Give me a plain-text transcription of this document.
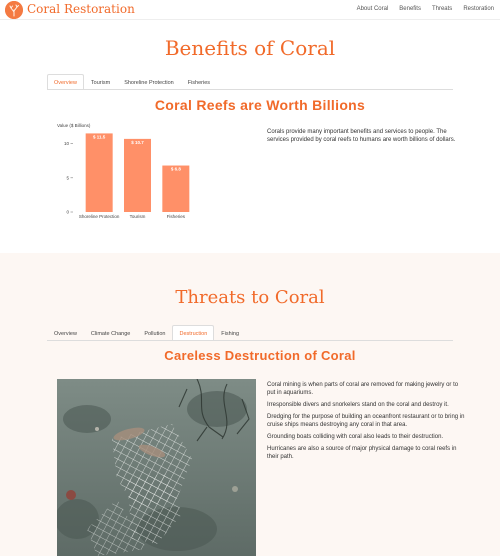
Coral Restoration	About Coral Benefits Threats Restoration
Benefits of Coral
Overview	Tourism	Shoreline Protection	Fisheries
Coral Reefs are Worth Billions
Value ($ Billions)
0
5
10
$ 11.5
Shoreline Protection
$ 10.7
Tourism
$ 6.8
Fisheries

Corals provide many important benefits and services to people. The services provided by coral reefs to humans are worth billions of dollars.

Threats to Coral
Overview	Climate Change	Pollution	Destruction	Fishing
Careless Destruction of Coral

Coral mining is when parts of coral are removed for making jewelry or to put in aquariums.

Irresponsible divers and snorkelers stand on the coral and destroy it.

Dredging for the purpose of building an oceanfront restaurant or to bring in cruise ships means destroying any coral in that area.

Grounding boats colliding with coral also leads to their destruction.

Hurricanes are also a source of major physical damage to coral reefs in their path.
